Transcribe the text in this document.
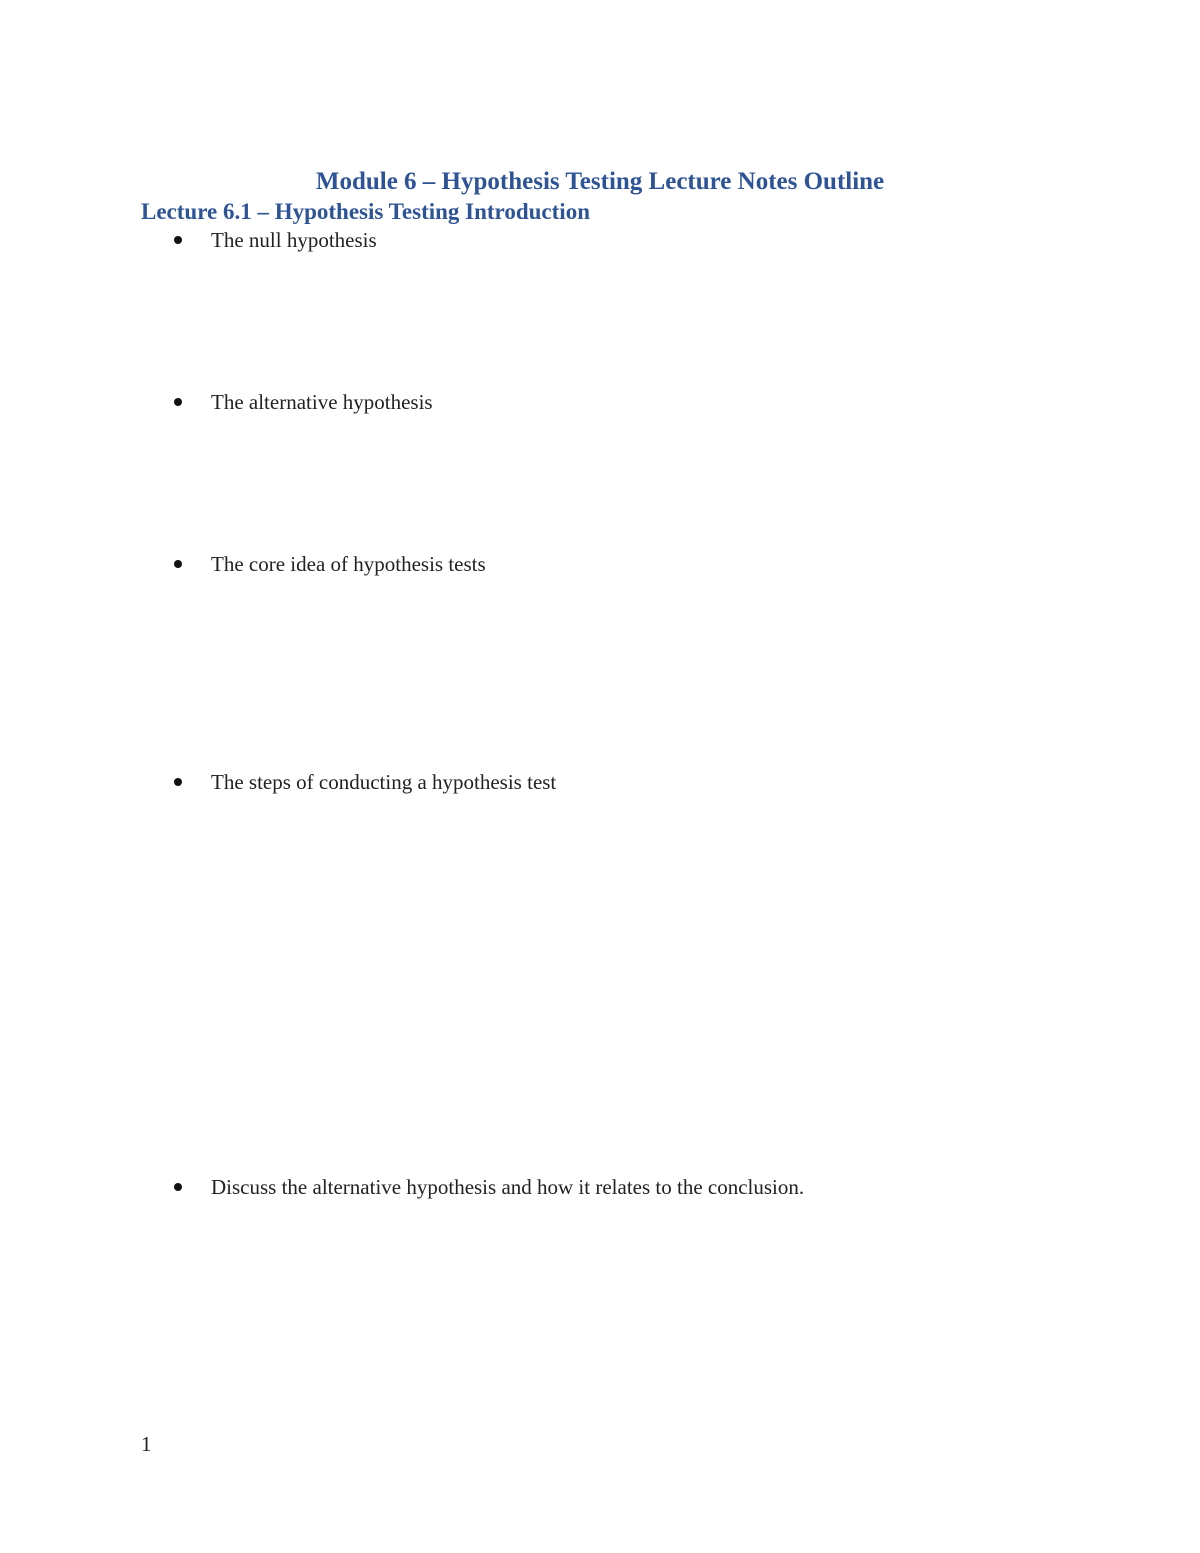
Module 6 – Hypothesis Testing Lecture Notes Outline
Lecture 6.1 – Hypothesis Testing Introduction
The null hypothesis
The alternative hypothesis
The core idea of hypothesis tests
The steps of conducting a hypothesis test
Discuss the alternative hypothesis and how it relates to the conclusion.
1
